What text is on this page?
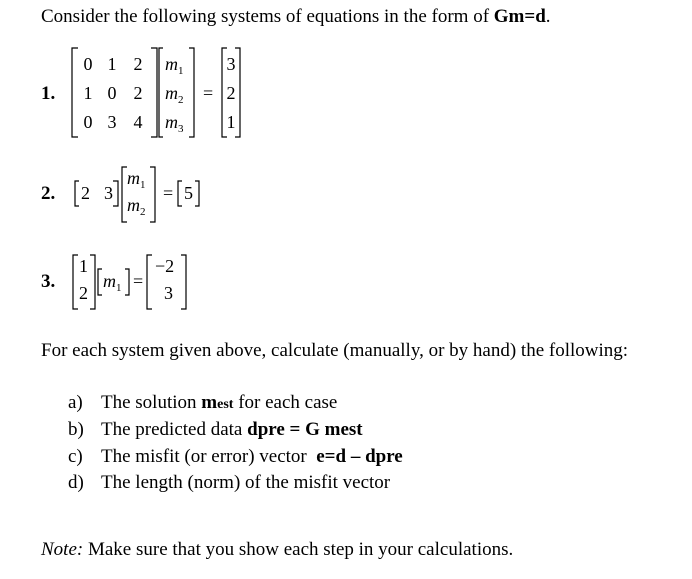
Consider the following systems of equations in the form of Gm=d.
1.
0 1 2
1 0 2
0 3 4
$m_1$
$m_2$
$m_3$
=
3
2
1
2. 2 3
$m_1$
$m_2$
= 5
3.
1
2
$m_1$ =
−2
3
For each system given above, calculate (manually, or by hand) the following:
a) The solution mest for each case
b) The predicted data dpre = G mest
c) The misfit (or error) vector  e=d – dpre
d) The length (norm) of the misfit vector
Note: Make sure that you show each step in your calculations.
